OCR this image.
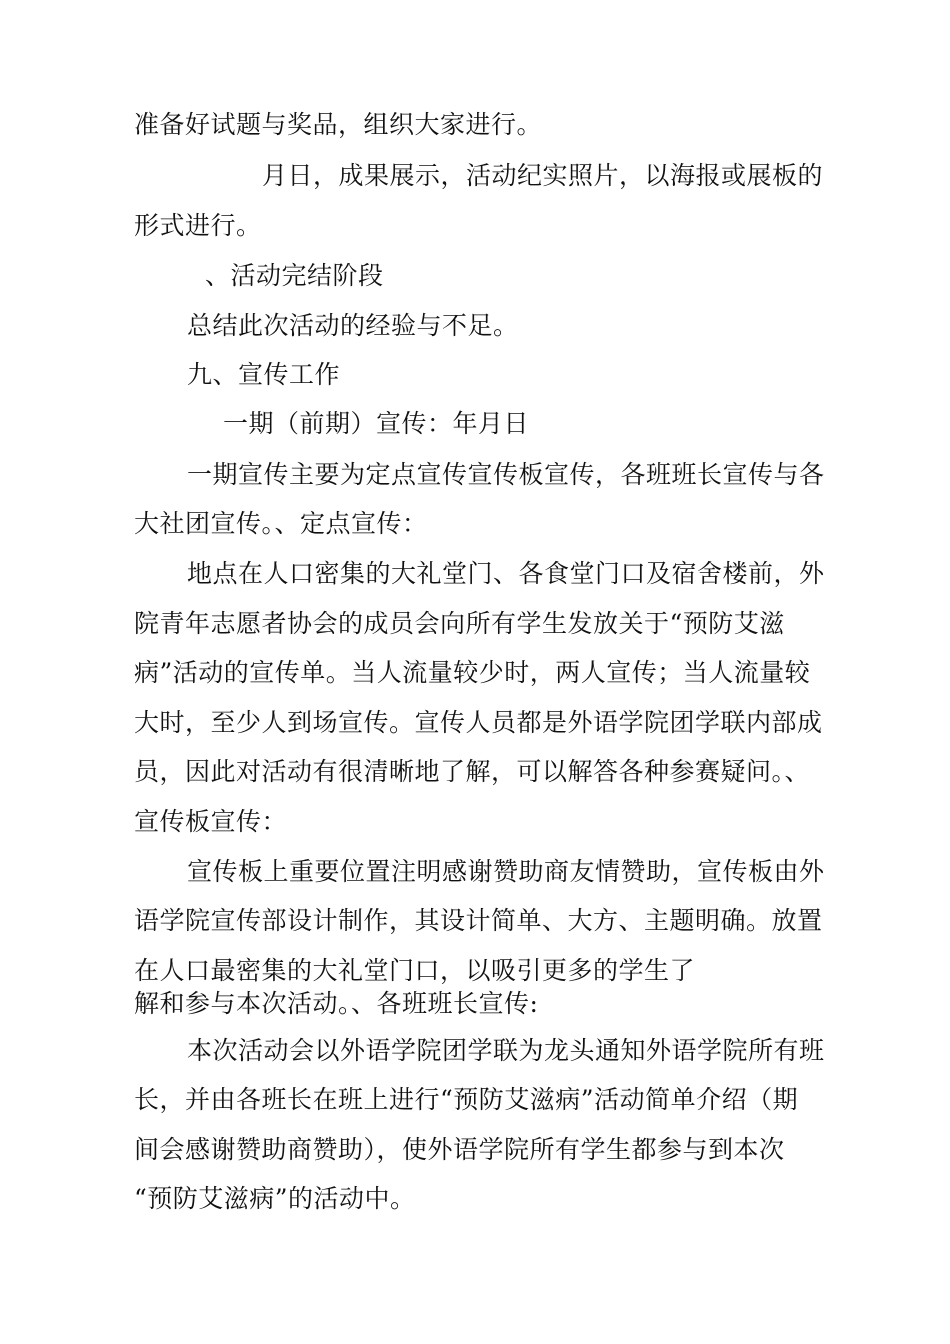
准备好试题与奖品，组织大家进行。
月日，成果展示，活动纪实照片，以海报或展板的
形式进行。
、活动完结阶段
总结此次活动的经验与不足。
九、宣传工作
一期（前期）宣传：年月日
一期宣传主要为定点宣传宣传板宣传，各班班长宣传与各
大社团宣传。、定点宣传：
地点在人口密集的大礼堂门、各食堂门口及宿舍楼前，外
院青年志愿者协会的成员会向所有学生发放关于“预防艾滋
病”活动的宣传单。当人流量较少时，两人宣传；当人流量较
大时，至少人到场宣传。宣传人员都是外语学院团学联内部成
员，因此对活动有很清晰地了解，可以解答各种参赛疑问。、
宣传板宣传：
宣传板上重要位置注明感谢赞助商友情赞助，宣传板由外
语学院宣传部设计制作，其设计简单、大方、主题明确。放置
在人口最密集的大礼堂门口，以吸引更多的学生了
解和参与本次活动。、各班班长宣传:
本次活动会以外语学院团学联为龙头通知外语学院所有班
长，并由各班长在班上进行“预防艾滋病”活动简单介绍（期
间会感谢赞助商赞助），使外语学院所有学生都参与到本次
“预防艾滋病”的活动中。
